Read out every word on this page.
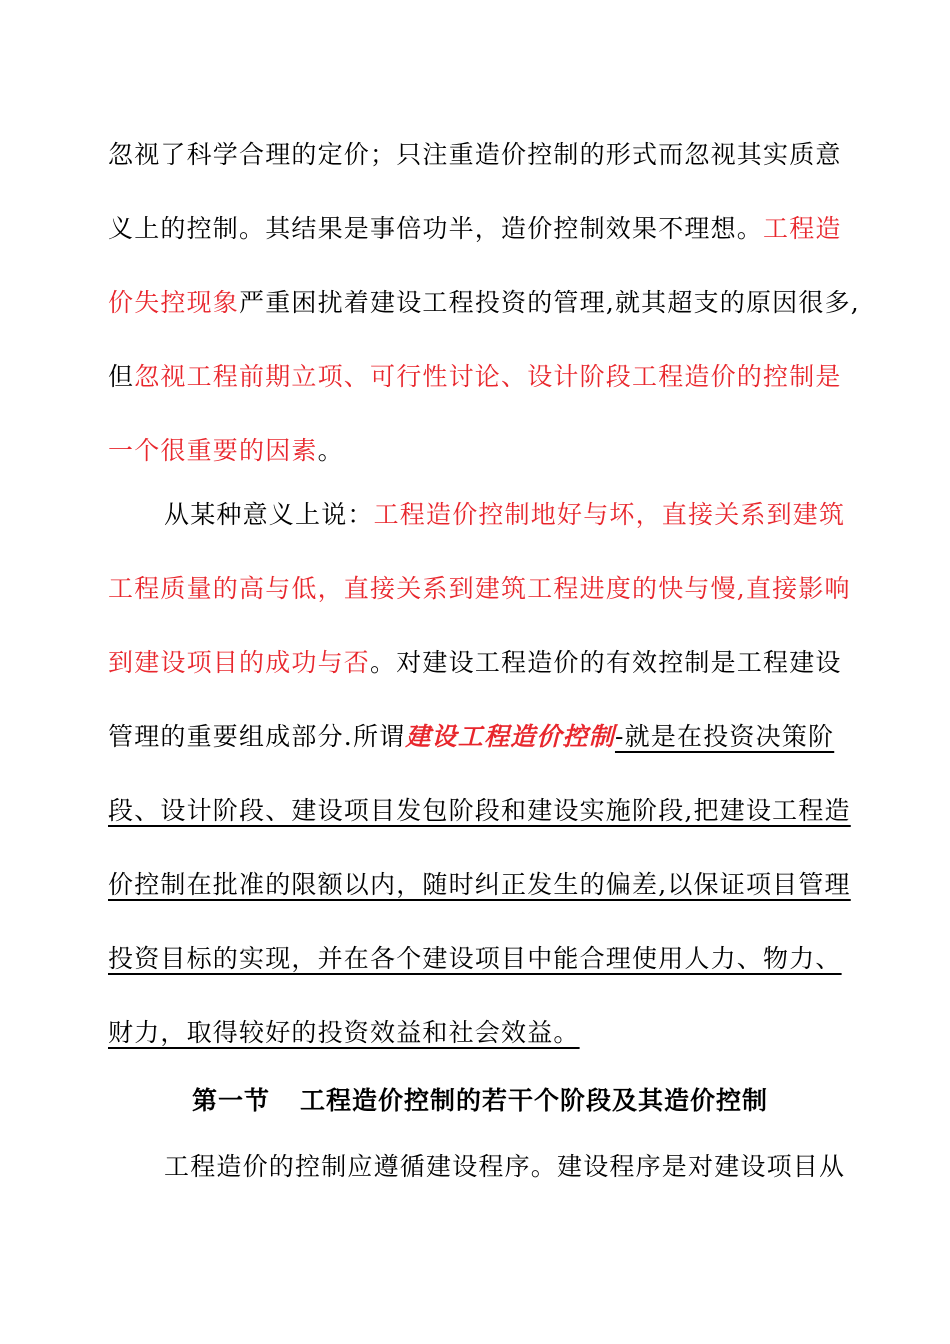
忽视了科学合理的定价；只注重造价控制的形式而忽视其实质意
义上的控制。其结果是事倍功半，造价控制效果不理想。工程造
价失控现象严重困扰着建设工程投资的管理,就其超支的原因很多,
但忽视工程前期立项、可行性讨论、设计阶段工程造价的控制是
一个很重要的因素。
从某种意义上说：工程造价控制地好与坏，直接关系到建筑
工程质量的高与低，直接关系到建筑工程进度的快与慢,直接影响
到建设项目的成功与否。对建设工程造价的有效控制是工程建设
管理的重要组成部分.所谓建设工程造价控制-就是在投资决策阶
段、设计阶段、建设项目发包阶段和建设实施阶段,把建设工程造
价控制在批准的限额以内，随时纠正发生的偏差,以保证项目管理
投资目标的实现，并在各个建设项目中能合理使用人力、物力、
财力，取得较好的投资效益和社会效益。
第一节 工程造价控制的若干个阶段及其造价控制
工程造价的控制应遵循建设程序。建设程序是对建设项目从
